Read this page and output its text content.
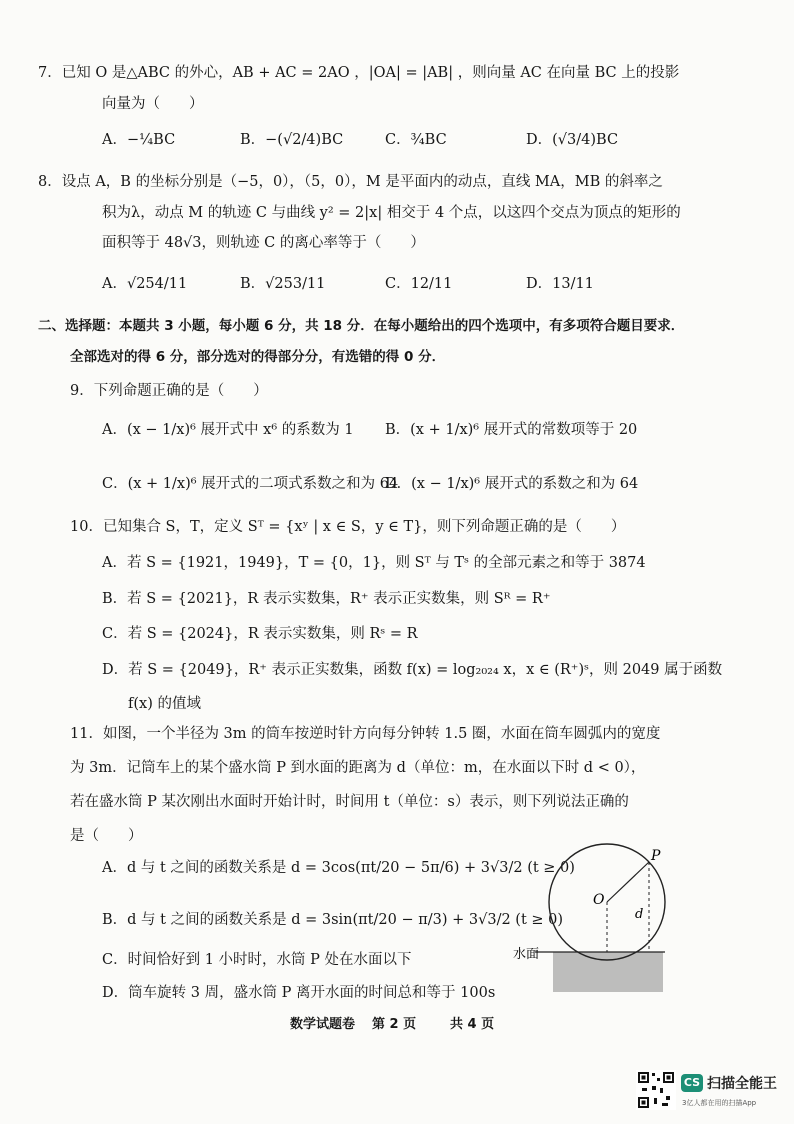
7．已知 O 是△ABC 的外心，AB + AC = 2AO ，|OA| = |AB| ，则向量 AC 在向量 BC 上的投影
向量为（　　）
A．−¼BC	B．−(√2/4)BC	C．¾BC	D．(√3/4)BC
8．设点 A，B 的坐标分别是（−5，0），（5，0），M 是平面内的动点，直线 MA，MB 的斜率之
积为λ，动点 M 的轨迹 C 与曲线 y² = 2|x| 相交于 4 个点，以这四个交点为顶点的矩形的
面积等于 48√3，则轨迹 C 的离心率等于（　　）
A．√254/11	B．√253/11	C．12/11	D．13/11
二、选择题：本题共 3 小题，每小题 6 分，共 18 分．在每小题给出的四个选项中，有多项符合题目要求．
全部选对的得 6 分，部分选对的得部分分，有选错的得 0 分．
9．下列命题正确的是（　　）
A．(x − 1/x)⁶ 展开式中 x⁶ 的系数为 1 B．(x + 1/x)⁶ 展开式的常数项等于 20
C．(x + 1/x)⁶ 展开式的二项式系数之和为 64
D．(x − 1/x)⁶ 展开式的系数之和为 64
10．已知集合 S，T，定义 Sᵀ = {xʸ | x ∈ S，y ∈ T}，则下列命题正确的是（　　）
A．若 S = {1921，1949}，T = {0，1}，则 Sᵀ 与 Tˢ 的全部元素之和等于 3874
B．若 S = {2021}，R 表示实数集，R⁺ 表示正实数集，则 Sᴿ = R⁺
C．若 S = {2024}，R 表示实数集，则 Rˢ = R
D．若 S = {2049}，R⁺ 表示正实数集，函数 f(x) = log₂₀₂₄ x，x ∈ (R⁺)ˢ，则 2049 属于函数
f(x) 的值域
11．如图，一个半径为 3m 的筒车按逆时针方向每分钟转 1.5 圈，水面在筒车圆弧内的宽度
为 3m．记筒车上的某个盛水筒 P 到水面的距离为 d（单位：m，在水面以下时 d < 0），
若在盛水筒 P 某次刚出水面时开始计时，时间用 t（单位：s）表示，则下列说法正确的
是（　　）
A．d 与 t 之间的函数关系是 d = 3cos(πt/20 − 5π/6) + 3√3/2 (t ≥ 0)
B．d 与 t 之间的函数关系是 d = 3sin(πt/20 − π/3) + 3√3/2 (t ≥ 0)
C．时间恰好到 1 小时时，水筒 P 处在水面以下
D．筒车旋转 3 周，盛水筒 P 离开水面的时间总和等于 100s
O
P
d
水面
数学试题卷 第 2 页	共 4 页
CS 扫描全能王
3亿人都在用的扫描App
